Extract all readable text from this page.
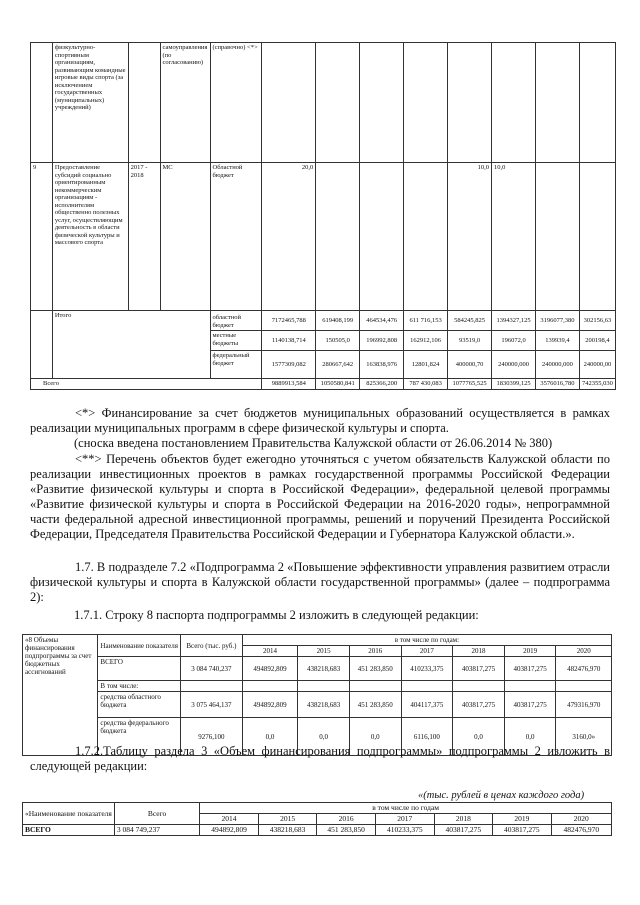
	физкультурно-спортивным организациям, развивающим командные игровые виды спорта (за исключением государственных (муниципальных) учреждений)		самоуправления (по согласованию)	(справочно) <*>								
9	Предоставление субсидий социально ориентированным некоммерческим организациям - исполнителям общественно полезных услуг, осуществляющим деятельность в области физической культуры и массового спорта	2017 - 2018	МС	Областной бюджет	20,0				10,0	10,0		
	Итого			областной бюджет	7172465,788	619408,199	464534,476	611 716,153	584245,825	1394327,125	3196077,380	302156,63
				местные бюджеты	1140138,714	150505,0	196992,808	162912,106	93519,0	196072,0	139939,4	200198,4
				федеральный бюджет	1577309,082	280667,642	163838,976	12801,824	400000,70	240000,000	240000,000	240000,00
Всего					9889913,584	1050580,841	825366,200	787 430,083	1077765,525	1830399,125	3576016,780	742355,030

<*> Финансирование за счет бюджетов муниципальных образований осуществляется в рамках реализации муниципальных программ в сфере физической культуры и спорта.

(сноска введена постановлением Правительства Калужской области от 26.06.2014 № 380)

<**> Перечень объектов будет ежегодно уточняться с учетом обязательств Калужской области по реализации инвестиционных проектов в рамках государственной программы Российской Федерации «Развитие физической культуры и спорта в Российской Федерации», федеральной целевой программы «Развитие физической культуры и спорта в Российской Федерации на 2016-2020 годы», непрограммной части федеральной адресной инвестиционной программы, решений и поручений Президента Российской Федерации, Председателя Правительства Российской Федерации и Губернатора Калужской области.».

1.7. В подразделе 7.2 «Подпрограмма 2 «Повышение эффективности управления развитием отрасли физической культуры и спорта в Калужской области государственной программы» (далее – подпрограмма 2):

1.7.1. Строку 8 паспорта подпрограммы 2 изложить в следующей редакции:

«8 Объемы финансирования подпрограммы за счет бюджетных ассигнований	Наименование показателя	Всего (тыс. руб.)	в том числе по годам:						
			2014	2015	2016	2017	2018	2019	2020
	ВСЕГО	3 084 740,237	494892,809	438218,683	451 283,850	410233,375	403817,275	403817,275	482476,970
	В том числе:								
	средства областного бюджета	3 075 464,137	494892,809	438218,683	451 283,850	404117,375	403817,275	403817,275	479316,970
	средства федерального бюджета	9276,100	0,0	0,0	0,0	6116,100	0,0	0,0	3160,0»

1.7.2.Таблицу раздела 3 «Объем финансирования подпрограммы» подпрограммы 2 изложить в следующей редакции:

«(тыс. рублей в ценах каждого года)
«Наименование показателя	Всего	в том числе по годам						
		2014	2015	2016	2017	2018	2019	2020
ВСЕГО	3 084 749,237	494892,809	438218,683	451 283,850	410233,375	403817,275	403817,275	482476,970
